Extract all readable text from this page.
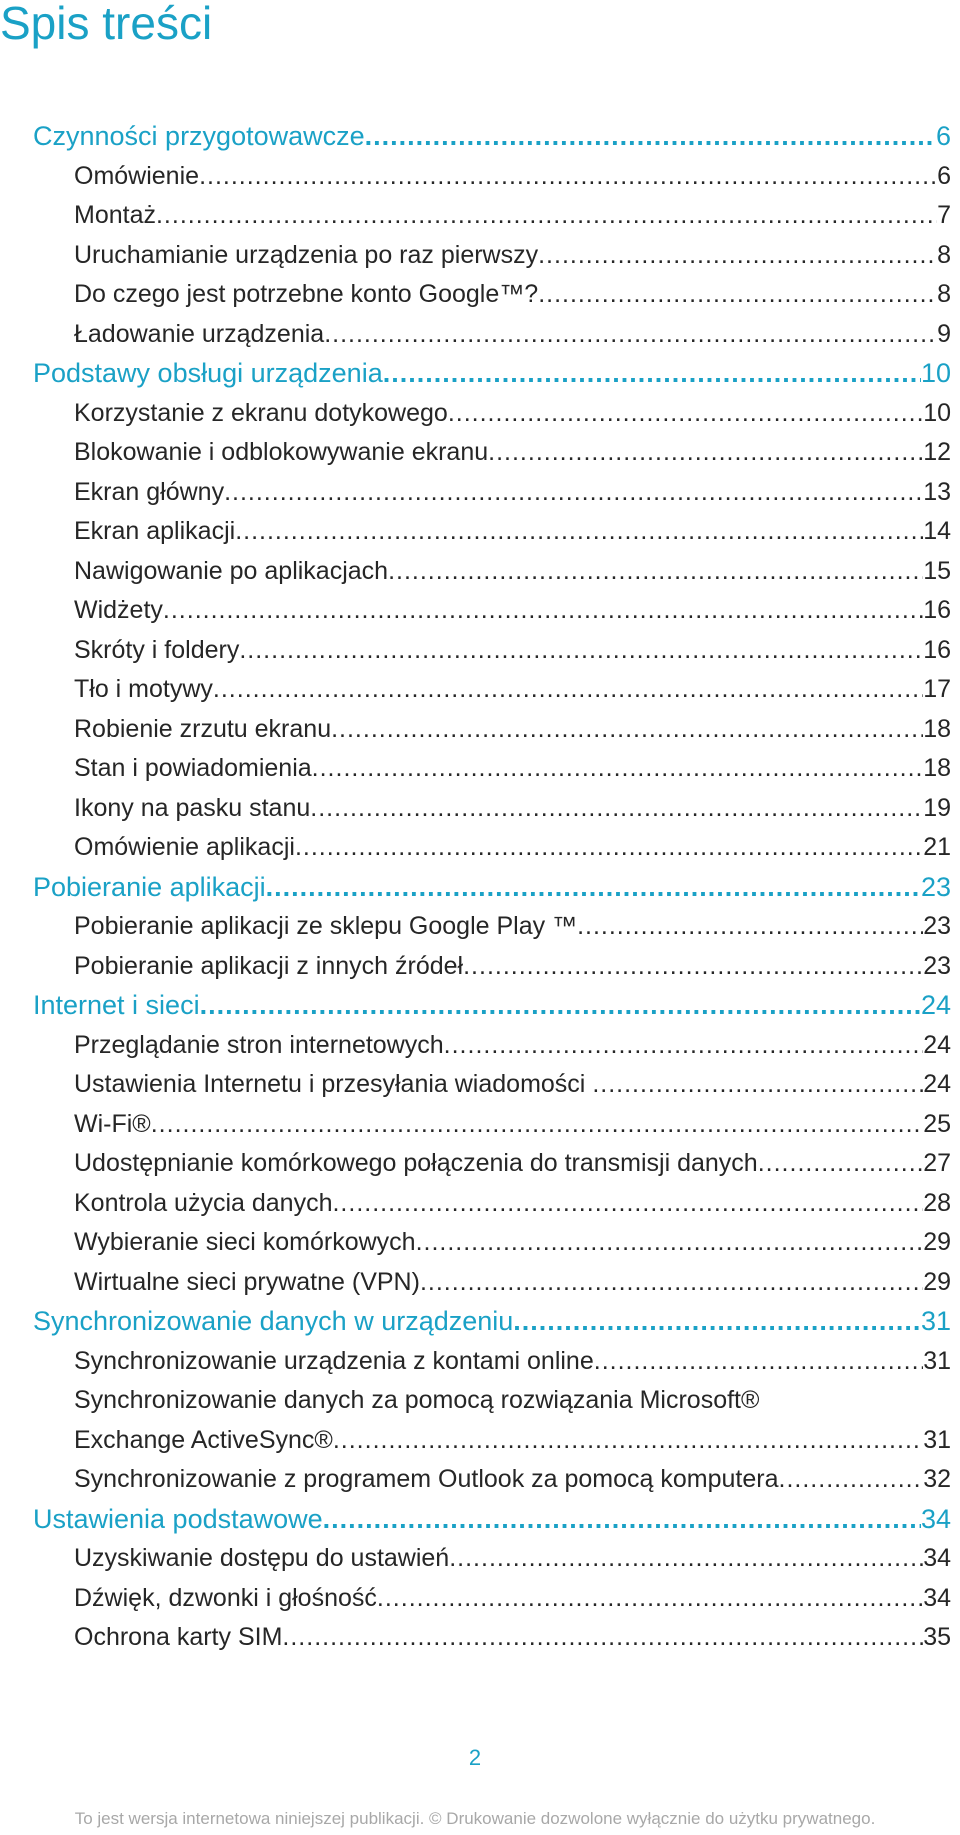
Spis treści
Czynności przygotowawcze .....	6
Omówienie .....	6
Montaż .....	7
Uruchamianie urządzenia po raz pierwszy .....	8
Do czego jest potrzebne konto Google™? .....	8
Ładowanie urządzenia .....	9
Podstawy obsługi urządzenia .....	10
Korzystanie z ekranu dotykowego .....	10
Blokowanie i odblokowywanie ekranu .....	12
Ekran główny .....	13
Ekran aplikacji .....	14
Nawigowanie po aplikacjach .....	15
Widżety .....	16
Skróty i foldery .....	16
Tło i motywy .....	17
Robienie zrzutu ekranu .....	18
Stan i powiadomienia .....	18
Ikony na pasku stanu .....	19
Omówienie aplikacji .....	21
Pobieranie aplikacji .....	23
Pobieranie aplikacji ze sklepu Google Play ™ .....	23
Pobieranie aplikacji z innych źródeł .....	23
Internet i sieci .....	24
Przeglądanie stron internetowych .....	24
Ustawienia Internetu i przesyłania wiadomości .....	24
Wi-Fi® .....	25
Udostępnianie komórkowego połączenia do transmisji danych .....	27
Kontrola użycia danych .....	28
Wybieranie sieci komórkowych .....	29
Wirtualne sieci prywatne (VPN) .....	29
Synchronizowanie danych w urządzeniu .....	31
Synchronizowanie urządzenia z kontami online .....	31
Synchronizowanie danych za pomocą rozwiązania Microsoft®
Exchange ActiveSync® .....	31
Synchronizowanie z programem Outlook za pomocą komputera .....	32
Ustawienia podstawowe .....	34
Uzyskiwanie dostępu do ustawień .....	34
Dźwięk, dzwonki i głośność .....	34
Ochrona karty SIM .....	35
2
To jest wersja internetowa niniejszej publikacji. © Drukowanie dozwolone wyłącznie do użytku prywatnego.
